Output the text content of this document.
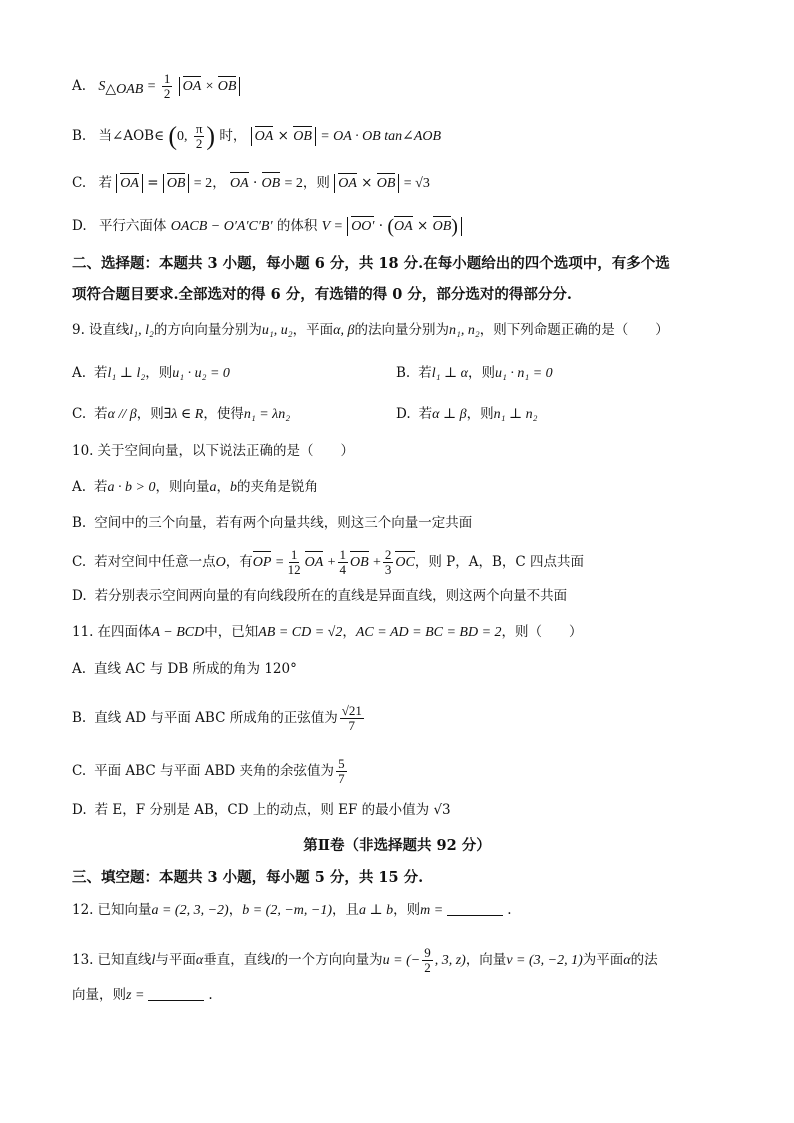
A. $S_{\triangle OAB} = \frac{1}{2}$ OA × OB
B. 当∠AOB∈ (0, $\frac{\pi}{2}$ ) 时， OA × OB = OA · OB tan∠AOB
C. 若 OA = OB = 2， OA · OB = 2，则 OA × OB = √3
D. 平行六面体 OACB − O′A′C′B′ 的体积 V = OO′ · (OA × OB)
二、选择题：本题共 3 小题，每小题 6 分，共 18 分.在每小题给出的四个选项中，有多个选
项符合题目要求.全部选对的得 6 分，有选错的得 0 分，部分选对的得部分分.
9. 设直线l₁, l₂的方向向量分别为u₁, u₂，平面α, β的法向量分别为n₁, n₂，则下列命题正确的是（　　）
A. 若l₁ ⊥ l₂，则u₁ · u₂ = 0	B. 若l₁ ⊥ α，则u₁ · n₁ = 0
C. 若α // β，则∃λ ∈ R，使得n₁ = λn₂	D. 若α ⊥ β，则n₁ ⊥ n₂
10. 关于空间向量，以下说法正确的是（　　）
A. 若a · b > 0，则向量a，b的夹角是锐角
B. 空间中的三个向量，若有两个向量共线，则这三个向量一定共面
C. 若对空间中任意一点O，有OP = $\frac{1}{12}$ OA + $\frac{1}{4}$ OB + $\frac{2}{3}$ OC，则 P，A，B，C 四点共面
D. 若分别表示空间两向量的有向线段所在的直线是异面直线，则这两个向量不共面
11. 在四面体A − BCD中，已知AB = CD = √2，AC = AD = BC = BD = 2，则（　　）
A. 直线 AC 与 DB 所成的角为 120°
B. 直线 AD 与平面 ABC 所成角的正弦值为 $\frac{√21}{7}$
C. 平面 ABC 与平面 ABD 夹角的余弦值为 $\frac{5}{7}$
D. 若 E，F 分别是 AB，CD 上的动点，则 EF 的最小值为 √3
第Ⅱ卷（非选择题共 92 分）
三、填空题：本题共 3 小题，每小题 5 分，共 15 分.
12. 已知向量a = (2, 3, −2)，b = (2, −m, −1)，且a ⊥ b，则m =	.
13. 已知直线l与平面α垂直，直线l的一个方向向量为u = (− $\frac{9}{2}$ , 3, z)，向量v = (3, −2, 1)为平面α的法
向量，则z =	.
